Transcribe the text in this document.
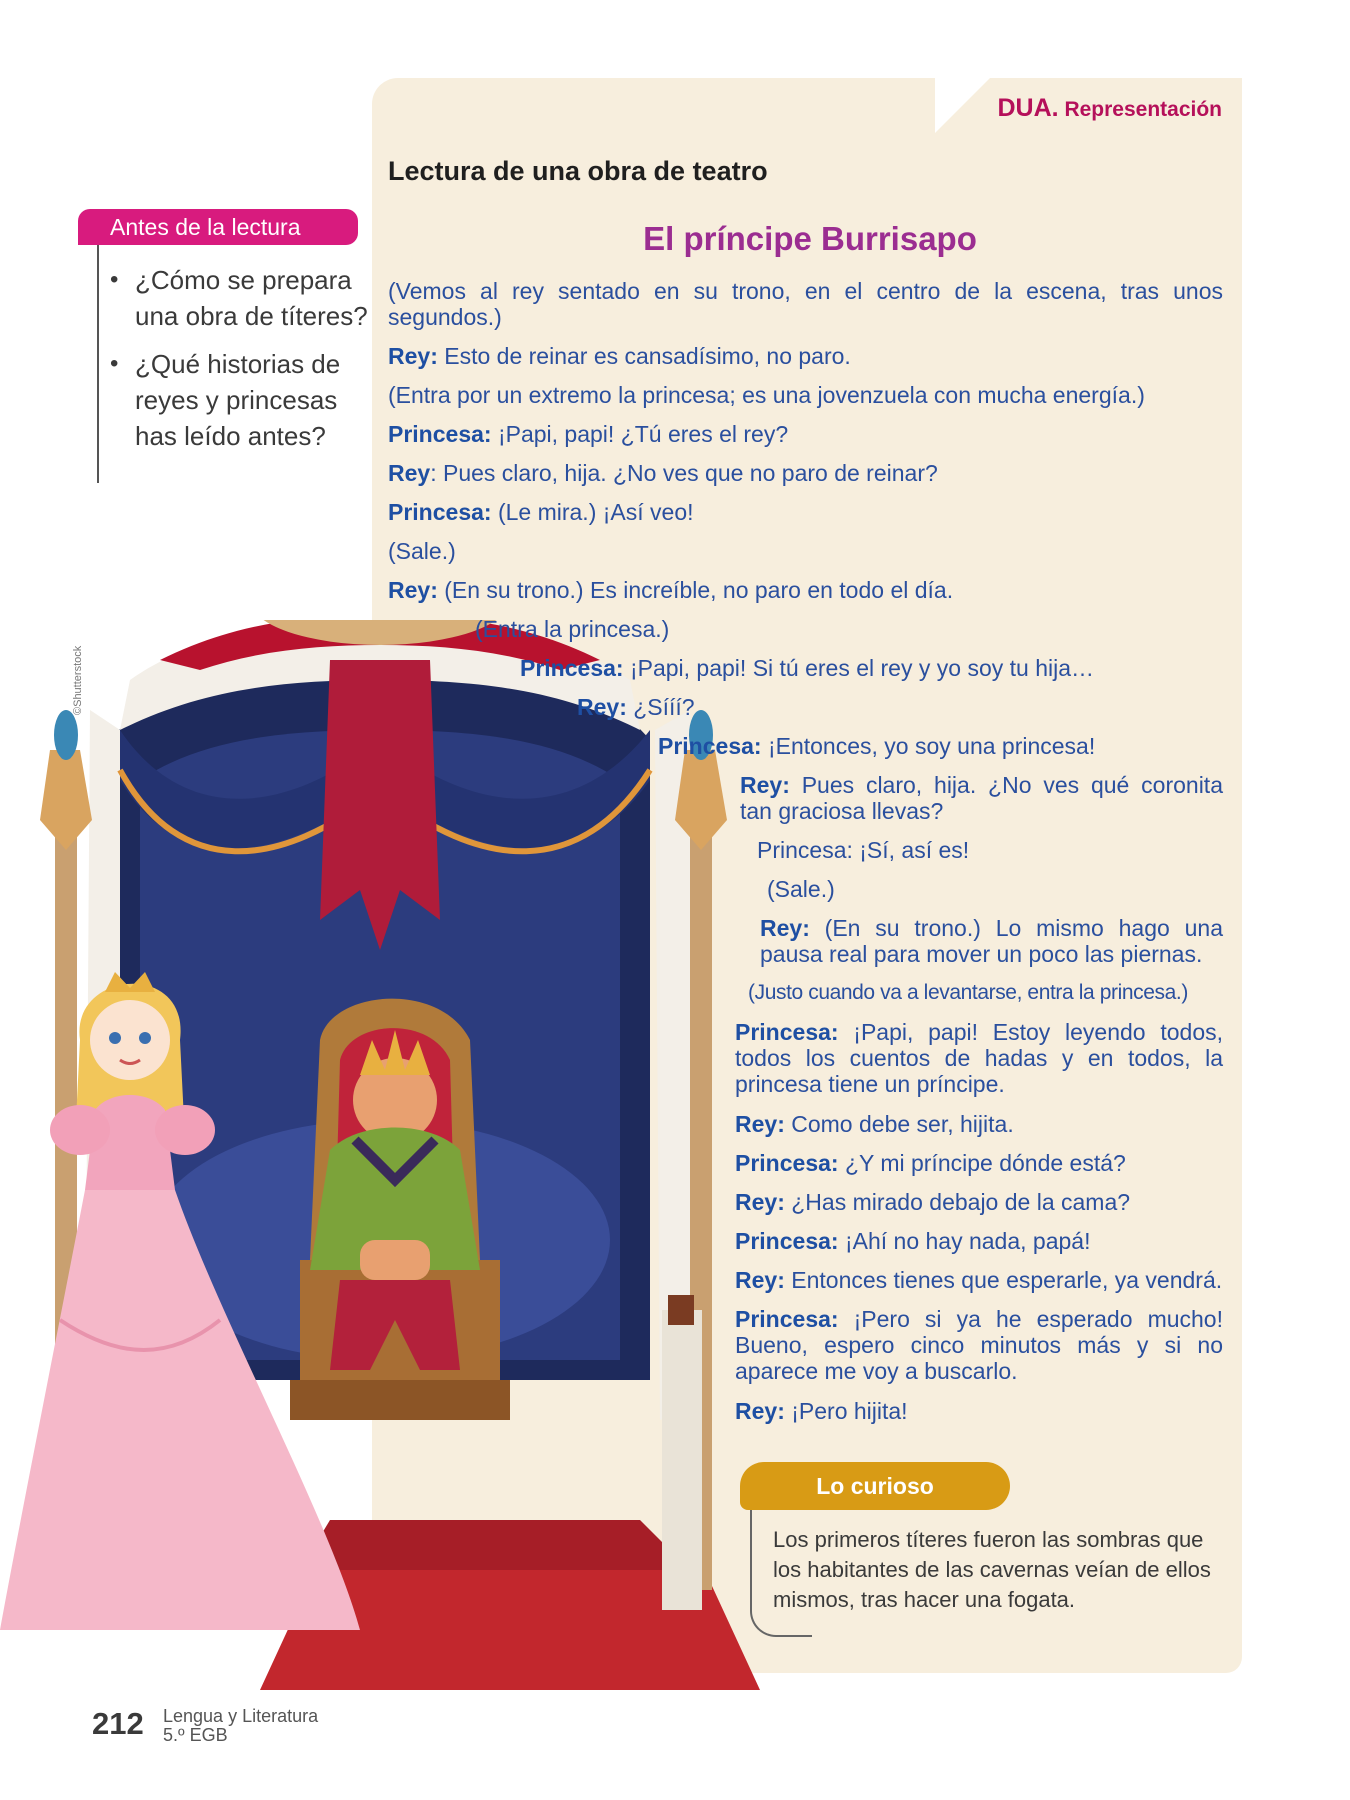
DUA. Representación
Lectura de una obra de teatro
El príncipe Burrisapo
Antes de la lectura
• ¿Cómo se prepara una obra de títeres?
• ¿Qué historias de reyes y princesas has leído antes?
©Shutterstock
(Vemos al rey sentado en su trono, en el centro de la escena, tras unos segundos.)
Rey: Esto de reinar es cansadísimo, no paro.
(Entra por un extremo la princesa; es una jovenzuela con mucha energía.)
Princesa: ¡Papi, papi! ¿Tú eres el rey?
Rey: Pues claro, hija. ¿No ves que no paro de reinar?
Princesa: (Le mira.) ¡Así veo!
(Sale.)
Rey: (En su trono.) Es increíble, no paro en todo el día.
(Entra la princesa.)
Princesa: ¡Papi, papi! Si tú eres el rey y yo soy tu hija…
Rey: ¿Sííí?
Princesa: ¡Entonces, yo soy una princesa!
Rey: Pues claro, hija. ¿No ves qué coronita tan graciosa llevas?
Princesa: ¡Sí, así es!
(Sale.)
Rey: (En su trono.) Lo mismo hago una pausa real para mover un poco las piernas.
(Justo cuando va a levantarse, entra la princesa.)
Princesa: ¡Papi, papi! Estoy leyendo todos, todos los cuentos de hadas y en todos, la princesa tiene un príncipe.
Rey: Como debe ser, hijita.
Princesa: ¿Y mi príncipe dónde está?
Rey: ¿Has mirado debajo de la cama?
Princesa: ¡Ahí no hay nada, papá!
Rey: Entonces tienes que esperarle, ya vendrá.
Princesa: ¡Pero si ya he esperado mucho! Bueno, espero cinco minutos más y si no aparece me voy a buscarlo.
Rey: ¡Pero hijita!
Lo curioso
Los primeros títeres fueron las sombras que los habitantes de las cavernas veían de ellos mismos, tras hacer una fogata.
212 Lengua y Literatura
5.º EGB
